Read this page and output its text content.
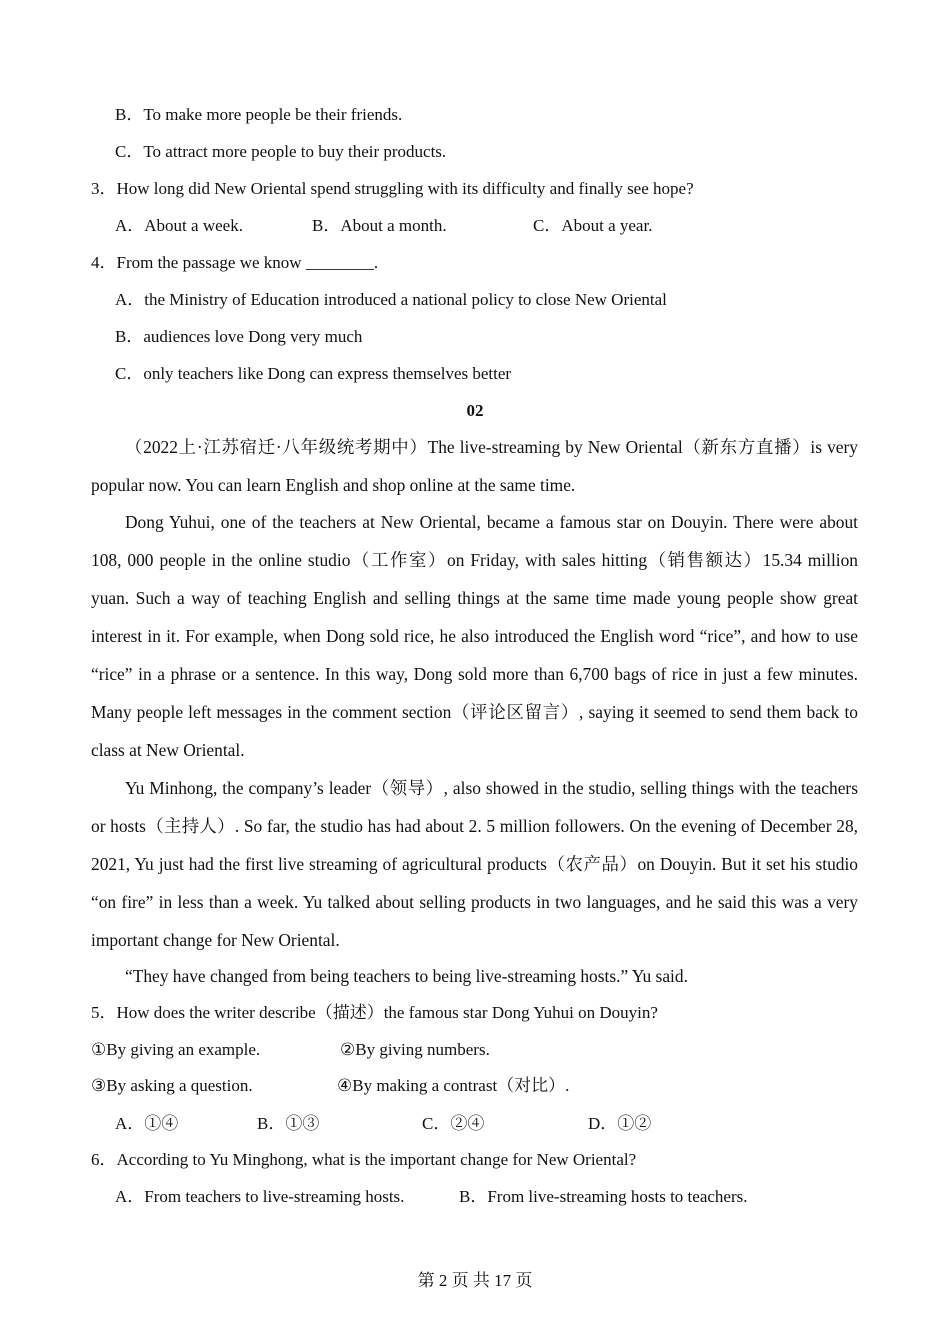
B．To make more people be their friends.
C．To attract more people to buy their products.
3．How long did New Oriental spend struggling with its difficulty and finally see hope?
A．About a week.	B．About a month.	C．About a year.
4．From the passage we know ________.
A．the Ministry of Education introduced a national policy to close New Oriental
B．audiences love Dong very much
C．only teachers like Dong can express themselves better
02
（2022上·江苏宿迁·八年级统考期中）The live-streaming by New Oriental（新东方直播）is very popular now. You can learn English and shop online at the same time.
Dong Yuhui, one of the teachers at New Oriental, became a famous star on Douyin. There were about 108, 000 people in the online studio（工作室）on Friday, with sales hitting（销售额达）15.34 million yuan. Such a way of teaching English and selling things at the same time made young people show great interest in it. For example, when Dong sold rice, he also introduced the English word “rice”, and how to use “rice” in a phrase or a sentence. In this way, Dong sold more than 6,700 bags of rice in just a few minutes. Many people left messages in the comment section（评论区留言）, saying it seemed to send them back to class at New Oriental.
Yu Minhong, the company’s leader（领导）, also showed in the studio, selling things with the teachers or hosts（主持人）. So far, the studio has had about 2. 5 million followers. On the evening of December 28, 2021, Yu just had the first live streaming of agricultural products（农产品）on Douyin. But it set his studio “on fire” in less than a week. Yu talked about selling products in two languages, and he said this was a very important change for New Oriental.
“They have changed from being teachers to being live-streaming hosts.” Yu said.
5．How does the writer describe（描述）the famous star Dong Yuhui on Douyin?
①By giving an example.	②By giving numbers.
③By asking a question.	④By making a contrast（对比）.
A．①④	B．①③	C．②④	D．①②
6．According to Yu Minghong, what is the important change for New Oriental?
A．From teachers to live-streaming hosts.	B．From live-streaming hosts to teachers.
第 2 页 共 17 页
